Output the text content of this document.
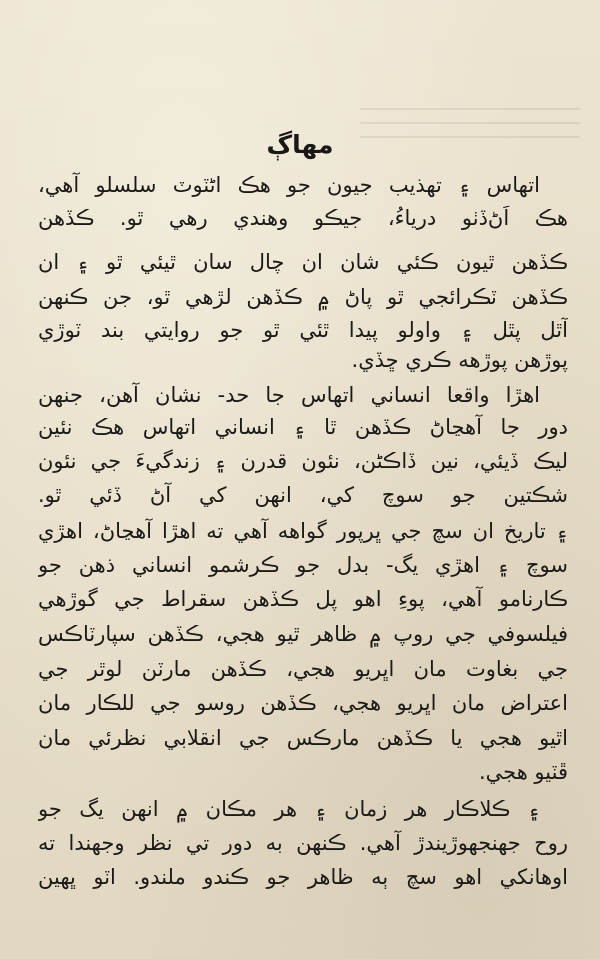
مهاڳ
اتهاس ۽ تهذيب جيون جو هڪ اڻٽوٽ سلسلو آهي،
هڪ اَڻ‌ڏٺو درياءُ، جيڪو وهندي رهي ٿو. ڪڏهن
ڪڏهن ٿيون ڪئي شان ان چال سان ٿيئي ٿو ۽ ان
ڪڏهن ٽڪرائجي ٿو پاڻ ۾ ڪڏهن لڙهي ٿو، جن ڪنهن
آٿل پٿل ۽ واولو پيدا ٿئي ٿو جو روايتي بند ٽوڙي
پوڙهن پوڙهه ڪري ڇڏي.
اهڙا واقعا انساني اتهاس جا حد- نشان آهن، جنهن
دور جا آهڃاڻ ڪڏهن ٿا ۽ انساني اتهاس هڪ نئين
ليڪ ڏيئي، نين ڏاڪڻن، نئون قدرن ۽ زندگيءَ جي نئون
شڪتين جو سوچ کي، انهن کي آڻ ڏئي ٿو.
۽ تاريخ ان سچ جي ڀرپور گواهه آهي ته اهڙا آهڃاڻ، اهڙي
سوچ ۽ اهڙي يگ- بدل جو ڪرشمو انساني ذهن جو
ڪارنامو آهي، پوءِ اهو پل ڪڏهن سقراط جي گوڙهي
فيلسوفي جي روپ ۾ ظاهر ٿيو هجي، ڪڏهن سپارٽاڪس
جي بغاوت مان اڀريو هجي، ڪڏهن مارٽن لوٿر جي
اعتراض مان اڀريو هجي، ڪڏهن روسو جي للڪار مان
اٿيو هجي يا ڪڏهن مارڪس جي انقلابي نظرئي مان
ڦٽيو هجي.
۽ ڪلاڪار هر زمان ۽ هر مڪان ۾ انهن يگ جو
روح جهنجهوڙيندڙ آهي. ڪنهن به دور تي نظر وجهندا ته
اوهانکي اهو سچ ٻه ظاهر جو ڪندو ملندو. اٽو ڀهين
